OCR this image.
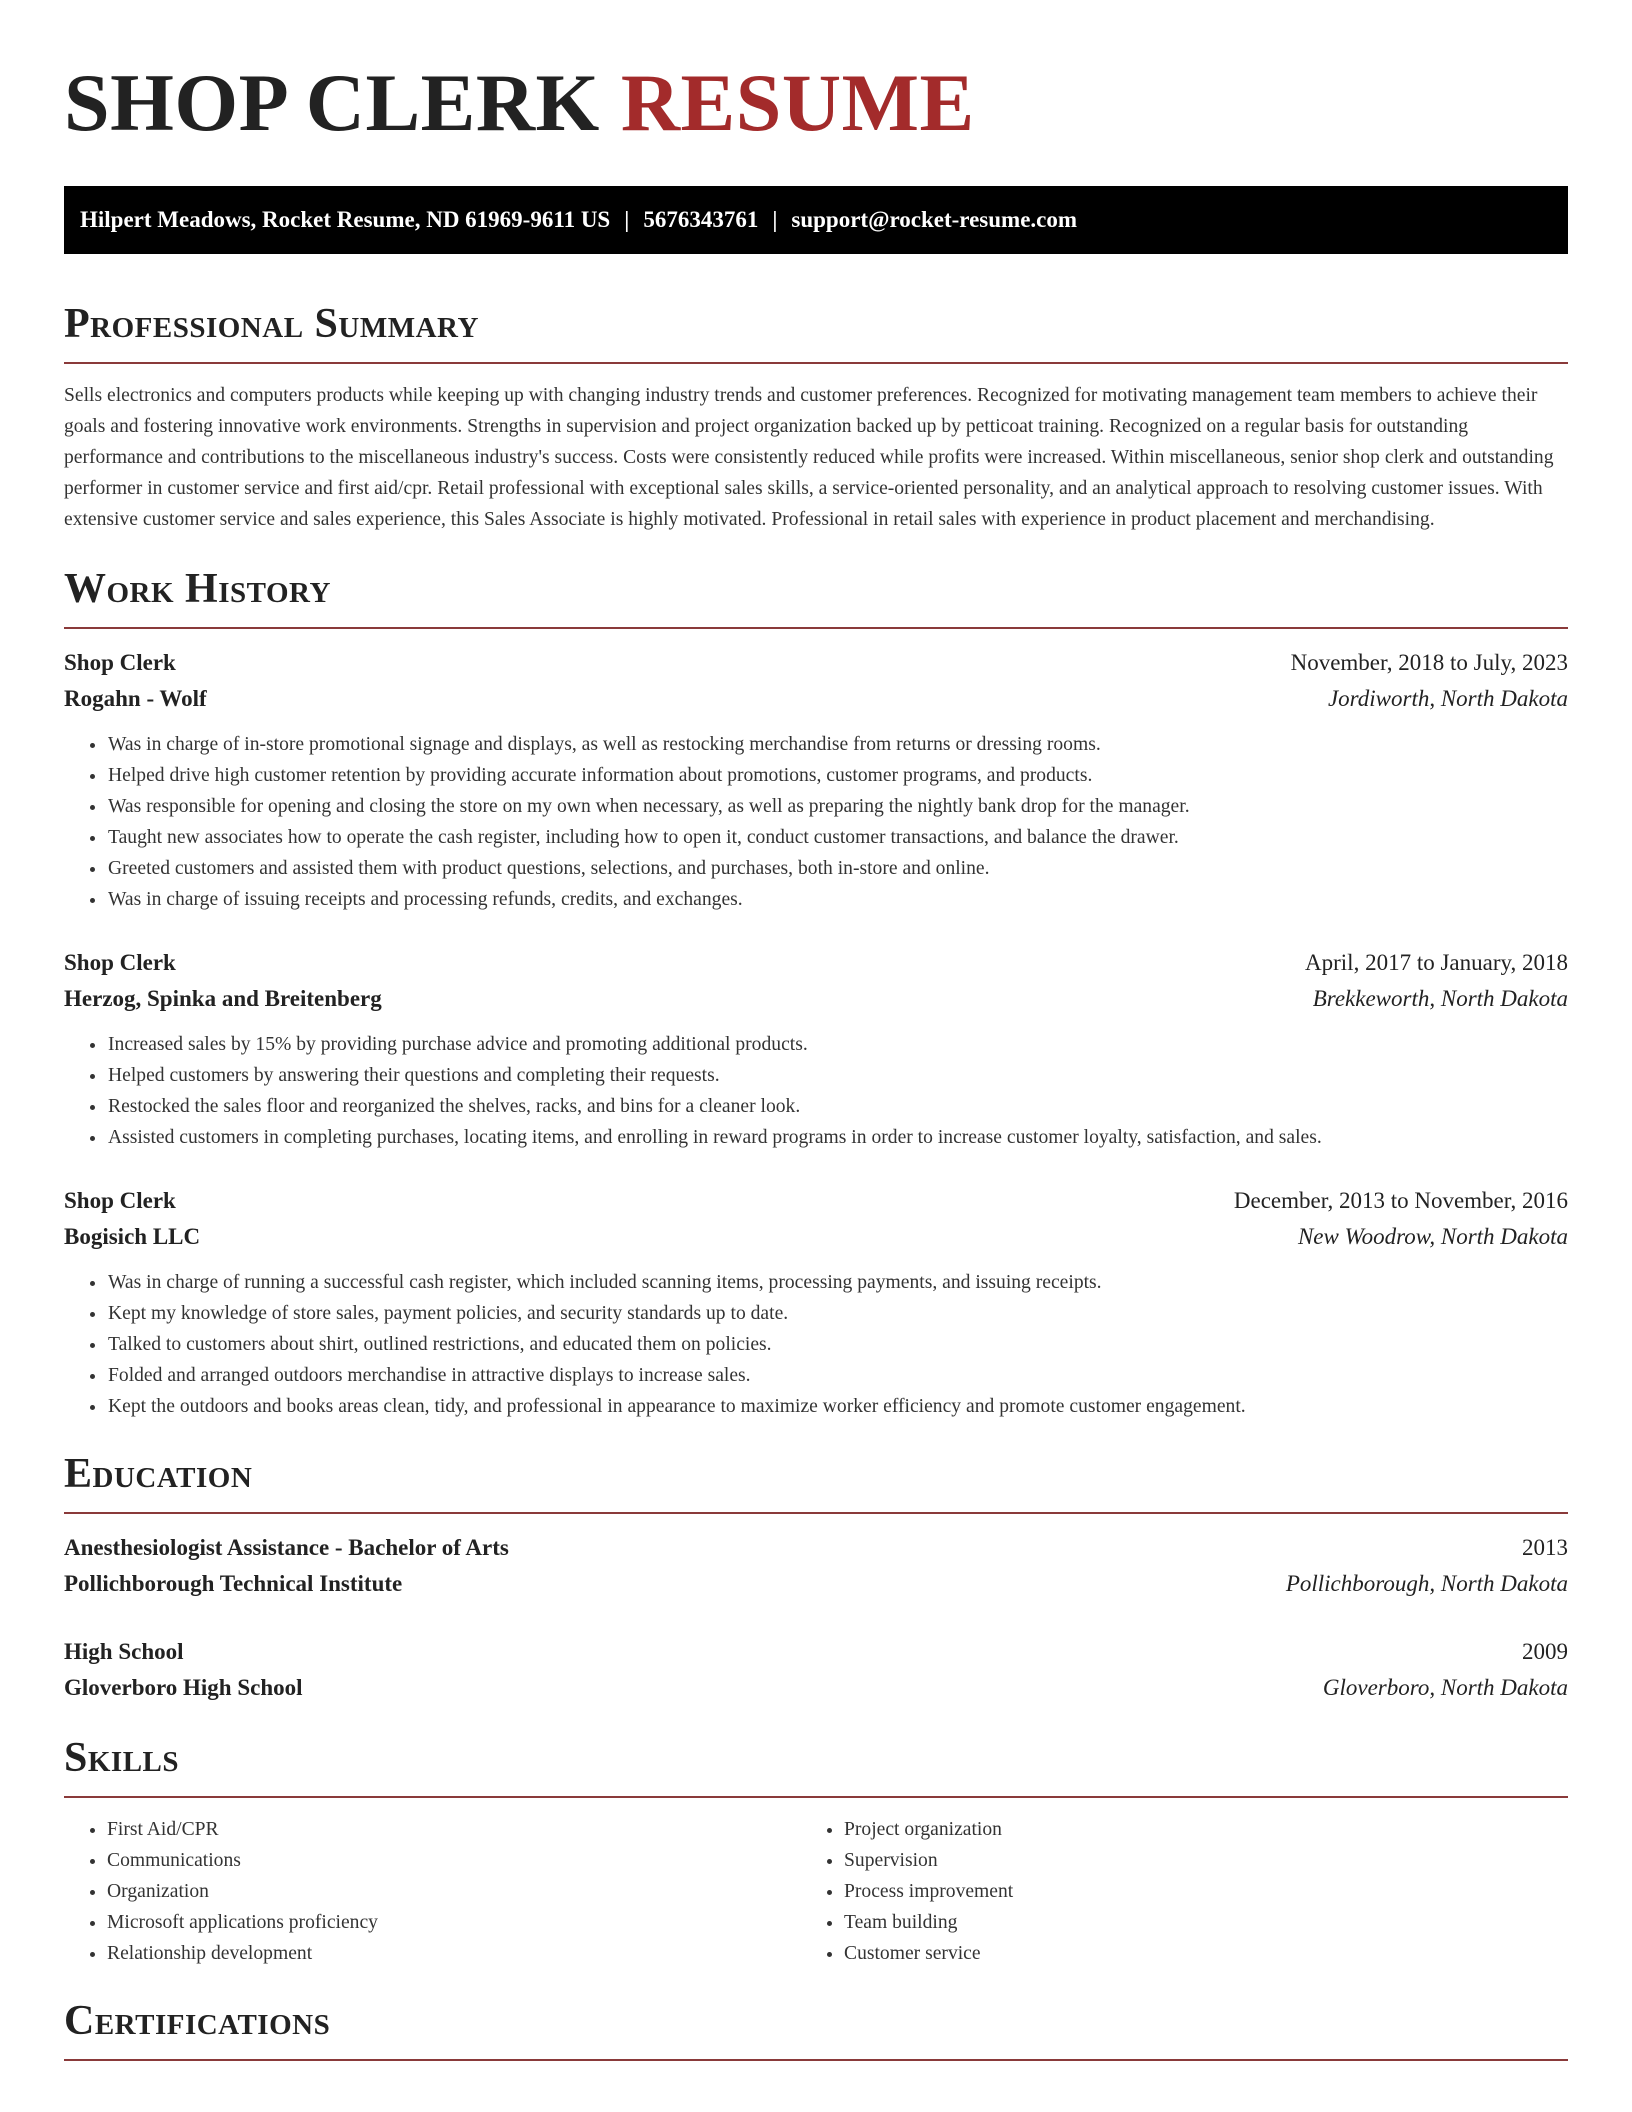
SHOP CLERK RESUME
Hilpert Meadows, Rocket Resume, ND 61969-9611 US | 5676343761 | support@rocket-resume.com
Professional Summary

Sells electronics and computers products while keeping up with changing industry trends and customer preferences. Recognized for motivating management team members to achieve their goals and fostering innovative work environments. Strengths in supervision and project organization backed up by petticoat training. Recognized on a regular basis for outstanding performance and contributions to the miscellaneous industry's success. Costs were consistently reduced while profits were increased. Within miscellaneous, senior shop clerk and outstanding performer in customer service and first aid/cpr. Retail professional with exceptional sales skills, a service-oriented personality, and an analytical approach to resolving customer issues. With extensive customer service and sales experience, this Sales Associate is highly motivated. Professional in retail sales with experience in product placement and merchandising.

Work History
Shop Clerk	November, 2018 to July, 2023
Rogahn - Wolf	Jordiworth, North Dakota
• Was in charge of in-store promotional signage and displays, as well as restocking merchandise from returns or dressing rooms.
• Helped drive high customer retention by providing accurate information about promotions, customer programs, and products.
• Was responsible for opening and closing the store on my own when necessary, as well as preparing the nightly bank drop for the manager.
• Taught new associates how to operate the cash register, including how to open it, conduct customer transactions, and balance the drawer.
• Greeted customers and assisted them with product questions, selections, and purchases, both in-store and online.
• Was in charge of issuing receipts and processing refunds, credits, and exchanges.
Shop Clerk	April, 2017 to January, 2018
Herzog, Spinka and Breitenberg	Brekkeworth, North Dakota
• Increased sales by 15% by providing purchase advice and promoting additional products.
• Helped customers by answering their questions and completing their requests.
• Restocked the sales floor and reorganized the shelves, racks, and bins for a cleaner look.
• Assisted customers in completing purchases, locating items, and enrolling in reward programs in order to increase customer loyalty, satisfaction, and sales.
Shop Clerk	December, 2013 to November, 2016
Bogisich LLC	New Woodrow, North Dakota
• Was in charge of running a successful cash register, which included scanning items, processing payments, and issuing receipts.
• Kept my knowledge of store sales, payment policies, and security standards up to date.
• Talked to customers about shirt, outlined restrictions, and educated them on policies.
• Folded and arranged outdoors merchandise in attractive displays to increase sales.
• Kept the outdoors and books areas clean, tidy, and professional in appearance to maximize worker efficiency and promote customer engagement.
Education
Anesthesiologist Assistance - Bachelor of Arts	2013
Pollichborough Technical Institute	Pollichborough, North Dakota
High School	2009
Gloverboro High School	Gloverboro, North Dakota
Skills
• First Aid/CPR
• Communications
• Organization
• Microsoft applications proficiency
• Relationship development
• Project organization
• Supervision
• Process improvement
• Team building
• Customer service
Certifications
